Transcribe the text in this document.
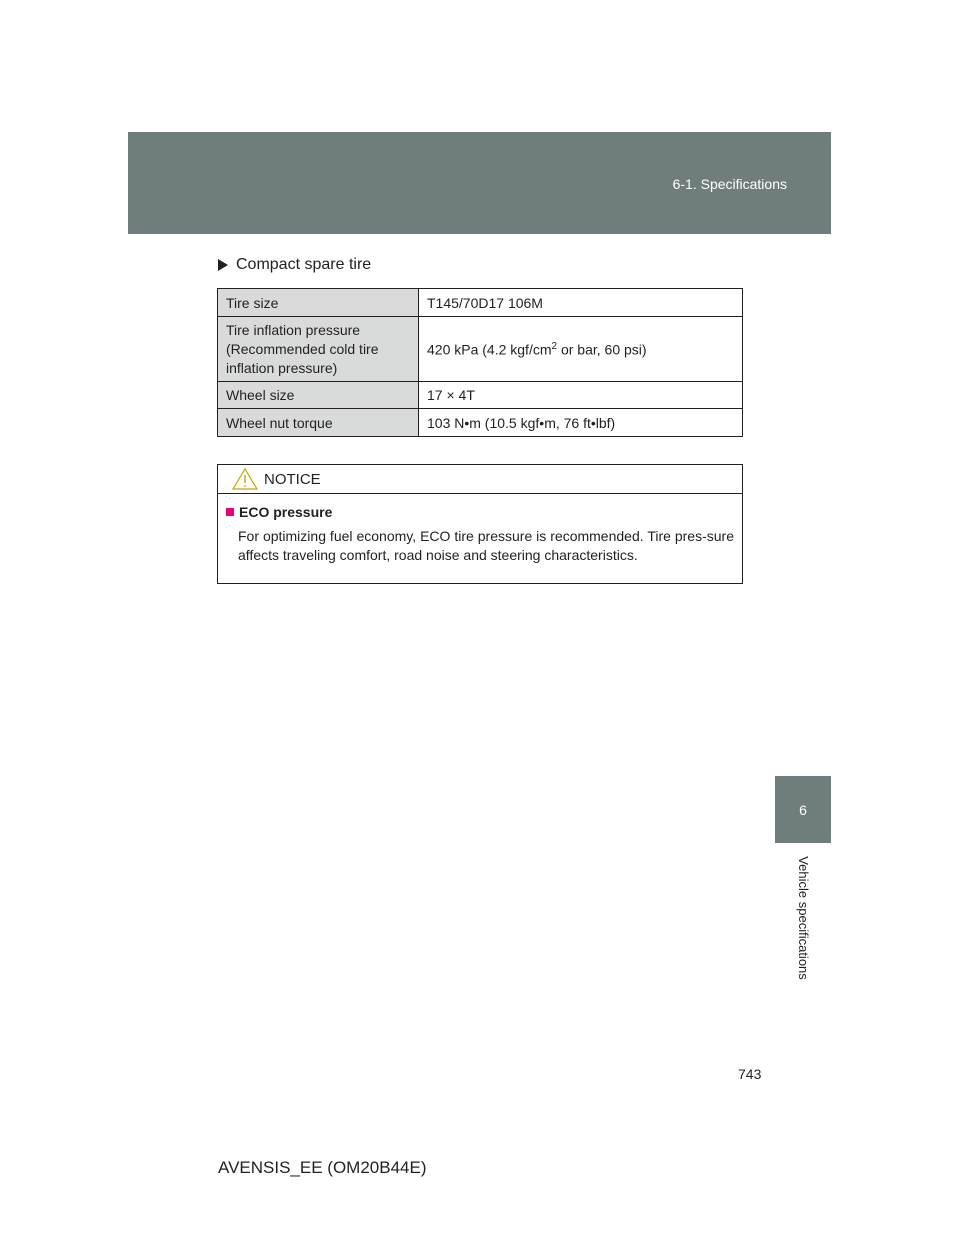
6-1. Specifications
6
Vehicle specifications
Compact spare tire
Tire size	T145/70D17 106M
Tire inflation pressure
(Recommended cold tire
inflation pressure)	420 kPa (4.2 kgf/$cm^2$ or bar, 60 psi)
Wheel size	17 × 4T
Wheel nut torque	103 N•m (10.5 kgf•m, 76 ft•lbf)
NOTICE
ECO pressure
For optimizing fuel economy, ECO tire pressure is recommended. Tire pres-sure affects traveling comfort, road noise and steering characteristics.
743
AVENSIS_EE (OM20B44E)
